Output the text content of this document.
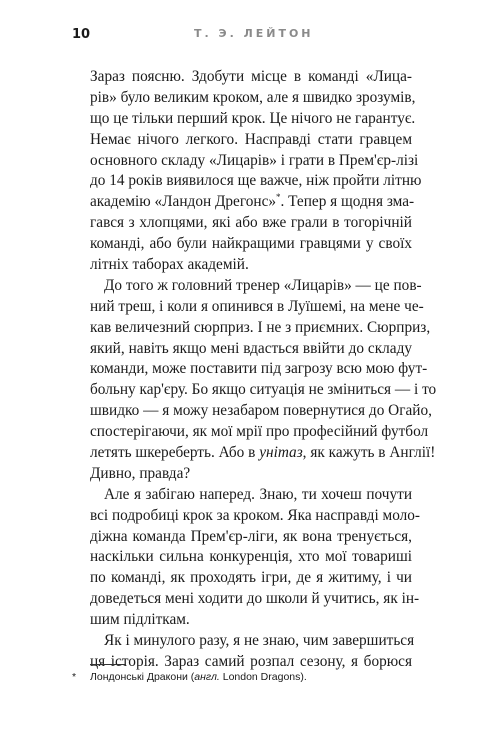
10	Т. Э. ЛЕЙТОН
Зараз поясню. Здобути місце в команді «Лица-
рів» було великим кроком, але я швидко зрозумів,
що це тільки перший крок. Це нічого не гарантує.
Немає нічого легкого. Насправді стати гравцем
основного складу «Лицарів» і грати в Прем'єр-лізі
до 14 років виявилося ще важче, ніж пройти літню
академію «Ландон Дрегонс»*. Тепер я щодня зма-
гався з хлопцями, які або вже грали в тогорічній
команді, або були найкращими гравцями у своїх
літніх таборах академій.
До того ж головний тренер «Лицарів» — це пов-
ний треш, і коли я опинився в Луїшемі, на мене че-
кав величезний сюрприз. І не з приємних. Сюрприз,
який, навіть якщо мені вдасться ввійти до складу
команди, може поставити під загрозу всю мою фут-
больну кар'єру. Бо якщо ситуація не зміниться — і то
швидко — я можу незабаром повернутися до Огайо,
спостерігаючи, як мої мрії про професійний футбол
летять шкереберть. Або в унітаз, як кажуть в Англії!
Дивно, правда?
Але я забігаю наперед. Знаю, ти хочеш почути
всі подробиці крок за кроком. Яка насправді моло-
діжна команда Прем'єр-ліги, як вона тренується,
наскільки сильна конкуренція, хто мої товариші
по команді, як проходять ігри, де я житиму, і чи
доведеться мені ходити до школи й учитись, як ін-
шим підліткам.
Як і минулого разу, я не знаю, чим завершиться
ця історія. Зараз самий розпал сезону, я борюся
* Лондонські Дракони (англ. London Dragons).
